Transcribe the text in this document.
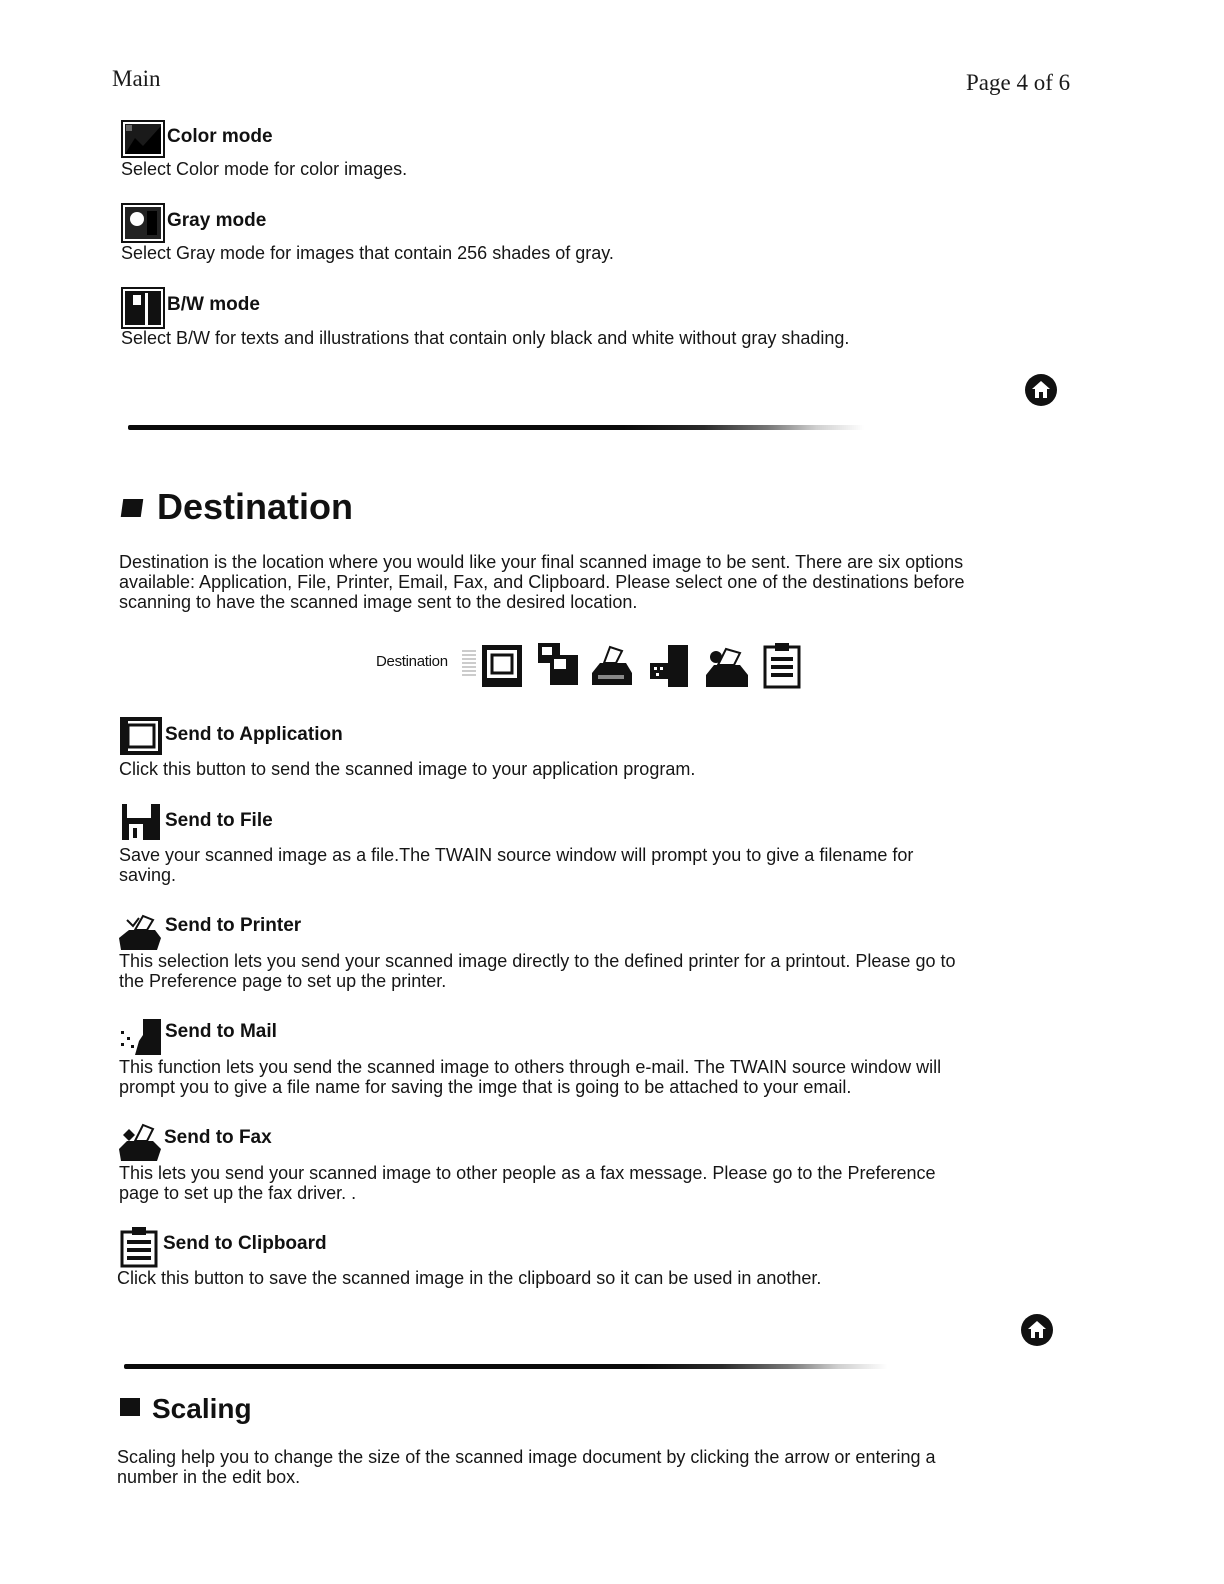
Main	Page 4 of 6
Color mode
Select Color mode for color images.
Gray mode
Select Gray mode for images that contain 256 shades of gray.
B/W mode
Select B/W for texts and illustrations that contain only black and white without gray shading.
Destination
Destination is the location where you would like your final scanned image to be sent. There are six options
available: Application, File, Printer, Email, Fax, and Clipboard. Please select one of the destinations before
scanning to have the scanned image sent to the desired location.
Destination
Send to Application
Click this button to send the scanned image to your application program.
Send to File
Save your scanned image as a file.The TWAIN source window will prompt you to give a filename for
saving.
Send to Printer
This selection lets you send your scanned image directly to the defined printer for a printout. Please go to
the Preference page to set up the printer.
Send to Mail
This function lets you send the scanned image to others through e-mail. The TWAIN source window will
prompt you to give a file name for saving the imge that is going to be attached to your email.
Send to Fax
This lets you send your scanned image to other people as a fax message. Please go to the Preference
page to set up the fax driver. .
Send to Clipboard
Click this button to save the scanned image in the clipboard so it can be used in another.
Scaling
Scaling help you to change the size of the scanned image document by clicking the arrow or entering a
number in the edit box.
